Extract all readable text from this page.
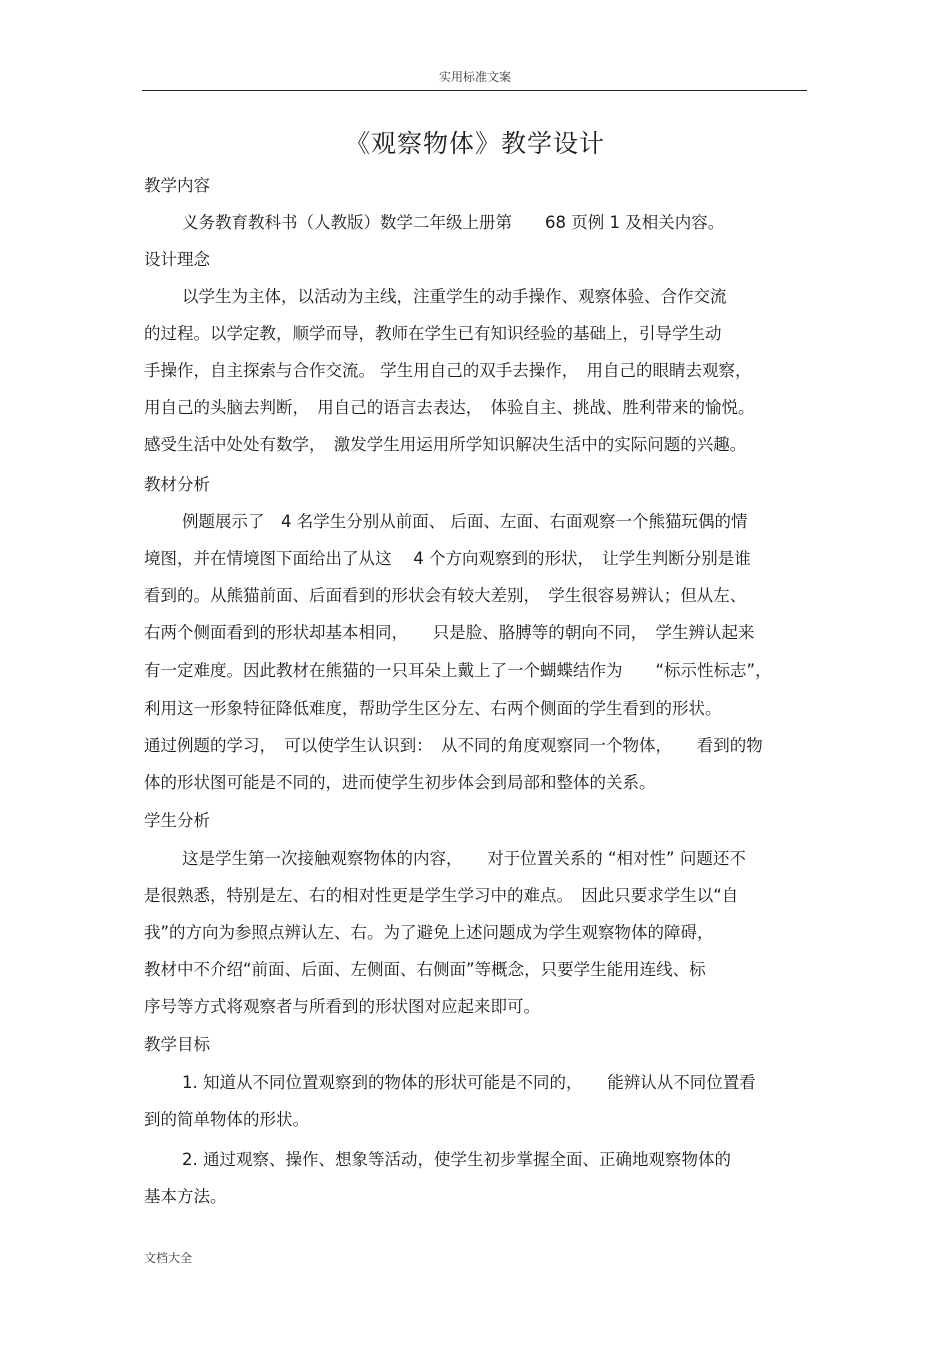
实用标准文案
《观察物体》教学设计
教学内容
义务教育教科书（人教版）数学二年级上册第　　68 页例 1 及相关内容。
设计理念
以学生为主体，以活动为主线，注重学生的动手操作、观察体验、合作交流
的过程。以学定教，顺学而导，教师在学生已有知识经验的基础上，引导学生动
手操作，自主探索与合作交流。 学生用自己的双手去操作，　用自己的眼睛去观察，
用自己的头脑去判断，　用自己的语言去表达，　体验自主、挑战、胜利带来的愉悦。
感受生活中处处有数学，　激发学生用运用所学知识解决生活中的实际问题的兴趣。
教材分析
例题展示了　4 名学生分别从前面、 后面、左面、右面观察一个熊猫玩偶的情
境图，并在情境图下面给出了从这　 4 个方向观察到的形状，　让学生判断分别是谁
看到的。从熊猫前面、后面看到的形状会有较大差别，　学生很容易辨认；但从左、
右两个侧面看到的形状却基本相同，　　只是脸、胳膊等的朝向不同，　学生辨认起来
有一定难度。因此教材在熊猫的一只耳朵上戴上了一个蝴蝶结作为　　“标示性标志”，
利用这一形象特征降低难度，帮助学生区分左、右两个侧面的学生看到的形状。
通过例题的学习，　可以使学生认识到：　从不同的角度观察同一个物体，　　看到的物
体的形状图可能是不同的，进而使学生初步体会到局部和整体的关系。
学生分析
这是学生第一次接触观察物体的内容，　　对于位置关系的 “相对性” 问题还不
是很熟悉，特别是左、右的相对性更是学生学习中的难点。　因此只要求学生以“自
我”的方向为参照点辨认左、右。为了避免上述问题成为学生观察物体的障碍，
教材中不介绍“前面、后面、左侧面、右侧面”等概念，只要学生能用连线、标
序号等方式将观察者与所看到的形状图对应起来即可。
教学目标
1. 知道从不同位置观察到的物体的形状可能是不同的，　　能辨认从不同位置看
到的简单物体的形状。
2. 通过观察、操作、想象等活动，使学生初步掌握全面、正确地观察物体的
基本方法。
文档大全
